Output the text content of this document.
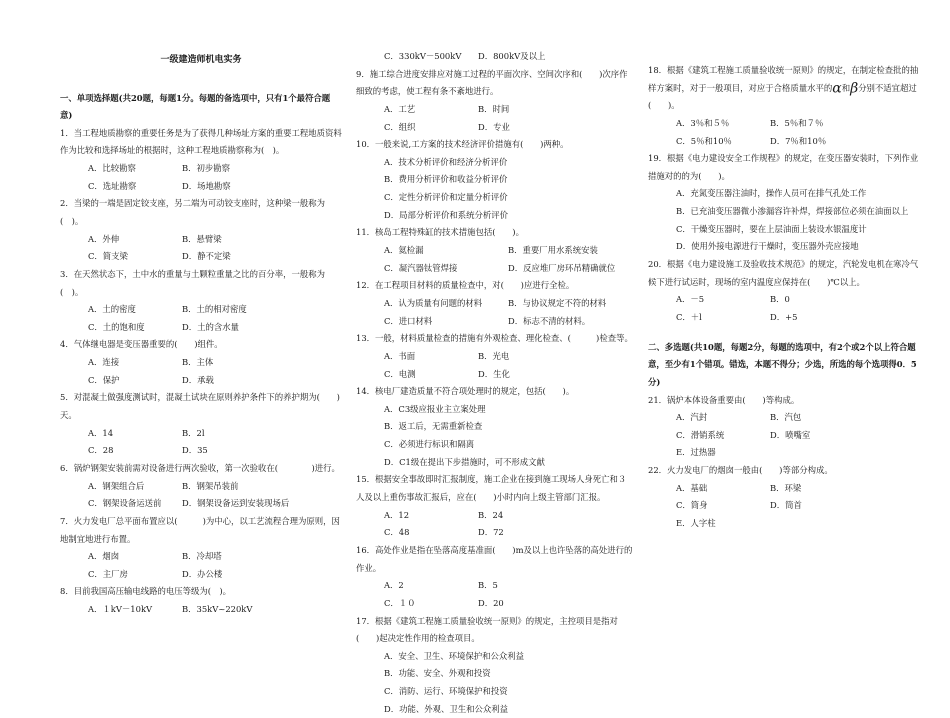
一级建造师机电实务
一、单项选择题(共20题，每题1分。每题的备选项中，只有1个最符合题意)
1．当工程地质勘察的重要任务是为了获得几种场址方案的重要工程地质资料作为比较和选择场址的根据时，这种工程地质勘察称为(　)。
A．比较勘察	B．初步勘察
C．选址勘察	D．场地勘察
2．当梁的一端是固定铰支座，另二端为可动铰支座时，这种梁一般称为(　)。
A．外伸	B．悬臂梁
C．简支梁	D．静不定梁
3．在天然状态下，土中水的重量与土颗粒重量之比的百分率，一般称为(　)。
A．土的密度	B．土的相对密度
C．土的饱和度	D．土的含水量
4．气体继电器是变压器重要的(　　)组件。
A．连接	B．主体
C．保护	D．承载
5．对混凝土做强度测试时，混凝土试块在原则养护条件下的养护期为(　　)天。
A．14	B．2l
C．28	D．35
6．锅炉钢架安装前需对设备进行两次验收，第一次验收在(　　　　)进行。
A．钢架组合后	B．钢架吊装前
C．钢架设备运送前	D．钢架设备运到安装现场后
7．火力发电厂总平面布置应以(　　　)为中心，以工艺流程合理为原则，因地制宜地进行布置。
A．烟囱	B．冷却塔
C．主厂房	D．办公楼
8．目前我国高压输电线路的电压等级为(　)。
A．１kV－10kV	B．35kV~220kV
C．330kV－500kV	D．800kV及以上
9．施工综合进度安排应对施工过程的平面次序、空间次序和(　　)次序作细致的考虑，使工程有条不紊地进行。
A．工艺	B．时间
C．组织	D．专业
10．一般来说,工方案的技术经济评价措施有(　　)两种。
A．技术分析评价和经济分析评价
B．费用分析评价和收益分析评价
C．定性分析评价和定量分析评价
D．局部分析评价和系统分析评价
11．核岛工程特殊缸的技术措施包括(　　)。
A．氦检漏	B．重要厂用水系统安装
C．凝汽器钛管焊接	D．反应堆厂房环吊精确就位
12．在工程项目材料的质量检查中，对(　　)应进行全检。
A．认为质量有问题的材料	B．与协议规定不符的材料
C．进口材料	D．标志不清的材料。
13．一般，材料质量检查的措施有外观检查、理化检查、(　　　)检查等。
A．书面	B．光电
C．电测	D．生化
14．核电厂建造质量不符合项处理时的规定，包括(　　)。
A．C3级应报业主立案处理
B．返工后，无需重新检查
C．必须进行标识和隔离
D．C1级在提出下步措施时，可不形成文献
15．根据安全事故即时汇报制度，施工企业在接到施工现场人身死亡和３人及以上重伤事故汇报后，应在(　　)小时内向上级主管部门汇报。
A．12	B．24
C．48	D．72
16．高处作业是指在坠落高度基准面(　　)m及以上也许坠落的高处进行的作业。
A．2	B．5
C．１０	D．20
17．根据《建筑工程施工质量验收统一原则》的规定，主控项目是指对(　　)起决定性作用的检查项目。
A．安全、卫生、环境保护和公众利益
B．功能、安全、外观和投资
C．消防、运行、环境保护和投资
D．功能、外观、卫生和公众利益
18．根据《建筑工程施工质量验收统一原则》的规定，在制定检查批的抽样方案时，对于一般项目，对应于合格质量水平的α和β分别不适宜超过(　　)。
A．3％和５％	B．5％和７％
C．5％和10％	D．7％和10％
19．根据《电力建设安全工作规程》的规定，在变压器安装时，下列作业措施对的的为(　　)。
A．充氮变压器注油时，操作人员可在排气孔处工作
B．已充油变压器微小渗漏容许补焊，焊接部位必须在油面以上
C．干燥变压器时，要在上层油面上装设水银温度计
D．使用外接电源进行干燥时，变压器外壳应接地
20．根据《电力建设施工及验收技术规范》的规定，汽轮发电机在寒冷气候下进行试运时，现场的室内温度应保持在(　　)℃以上。
A．－5	B．0
C．＋l	D．+5
二、多选题(共10题，每题2分，每题的选项中，有2个或2个以上符合题意，至少有1个错项。错选，本题不得分；少选，所选的每个选项得0．5分)
21．锅炉本体设备重要由(　　)等构成。
A．汽封	B．汽包
C．滑销系统	D．喷嘴室
E．过热器
22．火力发电厂的烟囱一般由(　　)等部分构成。
A．基础	B．环梁
C．筒身	D．筒首
E．人字柱
